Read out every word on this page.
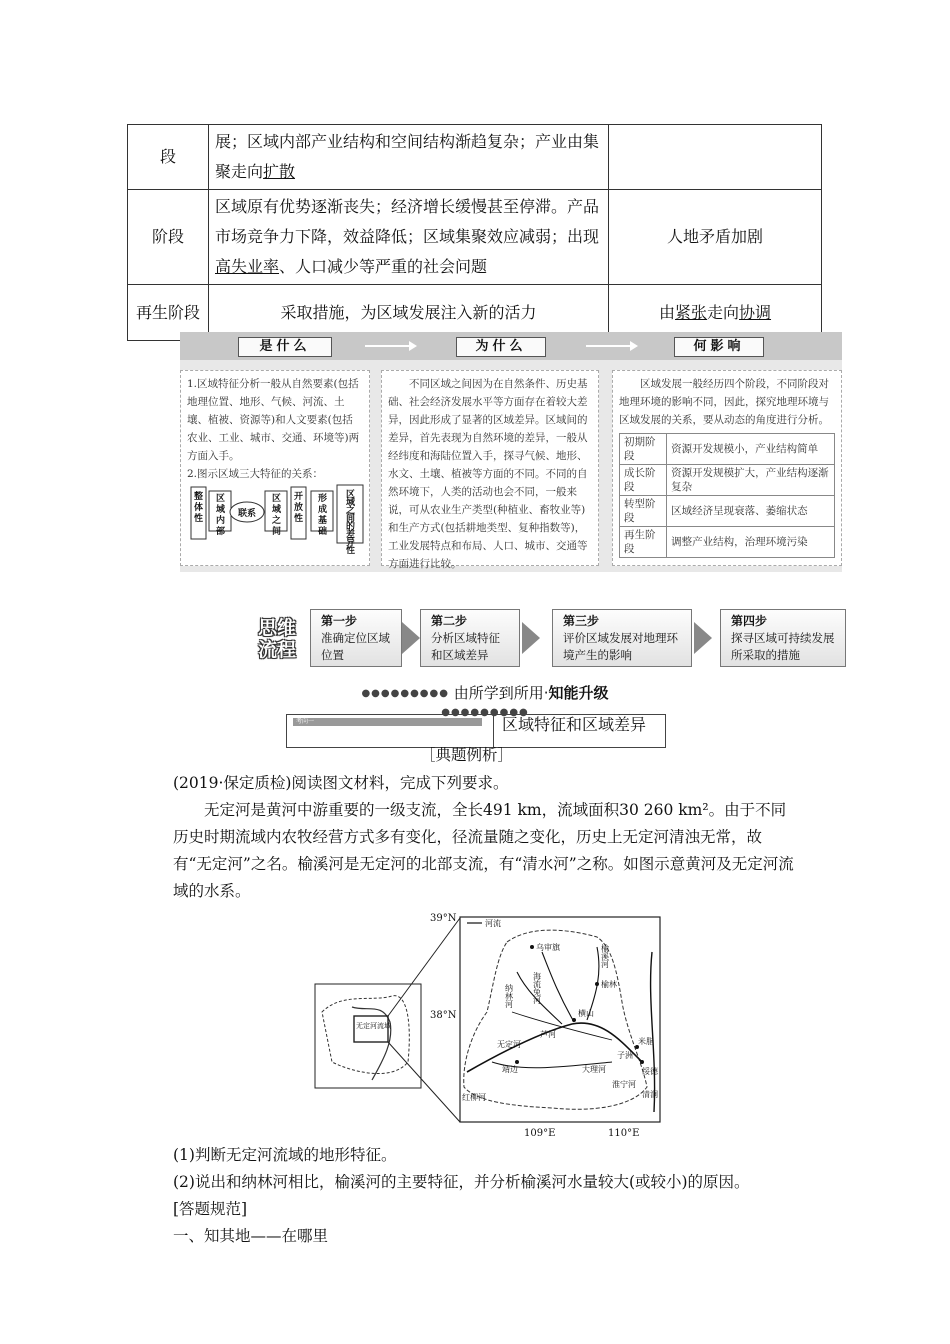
段	展；区域内部产业结构和空间结构渐趋复杂；产业由集聚走向扩散	
阶段	区域原有优势逐渐丧失；经济增长缓慢甚至停滞。产品市场竞争力下降，效益降低；区域集聚效应减弱；出现高失业率、人口减少等严重的社会问题	人地矛盾加剧
再生阶段	采取措施，为区域发展注入新的活力	由紧张走向协调
是什么	为什么	何影响
1.区域特征分析一般从自然要素(包括地理位置、地形、气候、河流、土壤、植被、资源等)和人文要素(包括农业、工业、城市、交通、环境等)两方面入手。
2.图示区域三大特征的关系：
整体性
区域内部
联系
区域之间
开放性
形成基础
区域之间的差异性
不同区域之间因为在自然条件、历史基础、社会经济发展水平等方面存在着较大差异，因此形成了显著的区域差异。区域间的差异，首先表现为自然环境的差异，一般从经纬度和海陆位置入手，探寻气候、地形、水文、土壤、植被等方面的不同。不同的自然环境下，人类的活动也会不同，一般来说，可从农业生产类型(种植业、畜牧业等)和生产方式(包括耕地类型、复种指数等)，工业发展特点和布局、人口、城市、交通等方面进行比较。
区域发展一般经历四个阶段，不同阶段对地理环境的影响不同，因此，探究地理环境与区域发展的关系，要从动态的角度进行分析。
初期阶段	资源开发规模小，产业结构简单
成长阶段	资源开发规模扩大，产业结构逐渐复杂
转型阶段	区域经济呈现衰落、萎缩状态
再生阶段	调整产业结构，治理环境污染
思维流程
第一步
准确定位区域位置
第二步
分析区域特征和区域差异
第三步
评价区域发展对地理环境产生的影响
第四步
探寻区域可持续发展所采取的措施
●●●●●●●●● 由所学到所用·知能升级 ●●●●●●●●●
考向一	区域特征和区域差异
［典题例析］
(2019·保定质检)阅读图文材料，完成下列要求。
无定河是黄河中游重要的一级支流，全长491 km，流域面积30 260 km²。由于不同历史时期流域内农牧经营方式多有变化，径流量随之变化，历史上无定河清浊无常，故有“无定河”之名。榆溪河是无定河的北部支流，有“清水河”之称。如图示意黄河及无定河流域的水系。
无定河流域
河流
39°N
38°N
109°E	110°E
乌审旗
榆林
横山
靖边
米脂
子洲
绥德
清涧
海流兔河
纳林河
榆溪河
无定河
芦河
红柳河
大理河
淮宁河
(1)判断无定河流域的地形特征。
(2)说出和纳林河相比，榆溪河的主要特征，并分析榆溪河水量较大(或较小)的原因。
[答题规范]
一、知其地——在哪里
